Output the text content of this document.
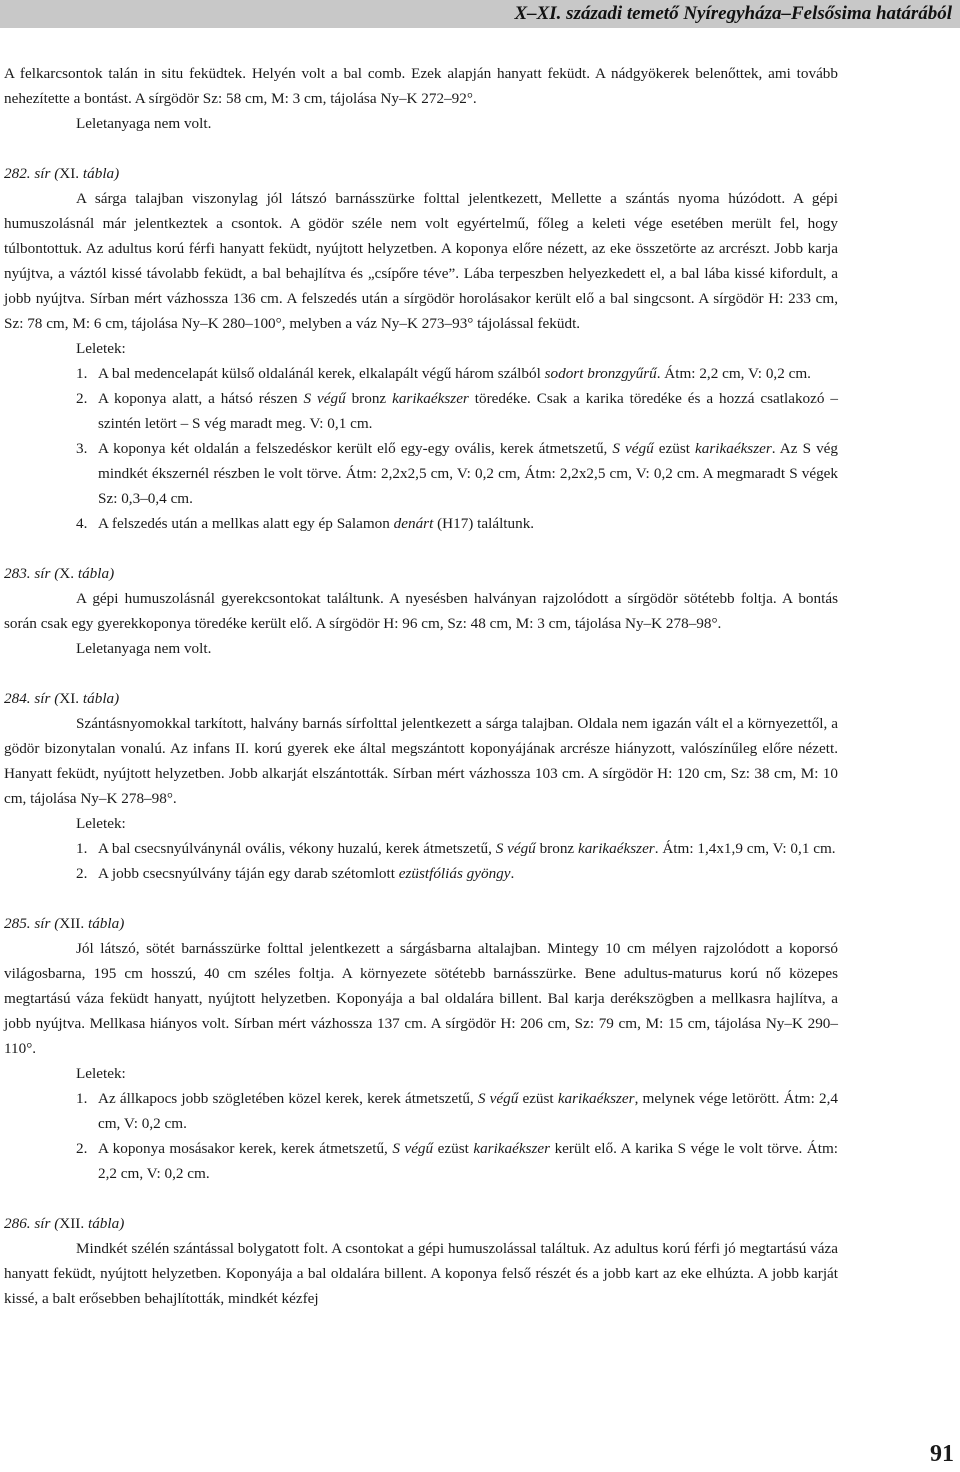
X–XI. századi temető Nyíregyháza–Felsősima határából

A felkarcsontok talán in situ feküdtek. Helyén volt a bal comb. Ezek alapján hanyatt feküdt. A nádgyökerek belenőttek, ami tovább nehezítette a bontást. A sírgödör Sz: 58 cm, M: 3 cm, tájolása Ny–K 272–92°.

Leletanyaga nem volt.

282. sír (XI. tábla)

A sárga talajban viszonylag jól látszó barnásszürke folttal jelentkezett, Mellette a szántás nyoma húzódott. A gépi humuszolásnál már jelentkeztek a csontok. A gödör széle nem volt egyértelmű, főleg a keleti vége esetében merült fel, hogy túlbontottuk. Az adultus korú férfi hanyatt feküdt, nyújtott helyzetben. A koponya előre nézett, az eke összetörte az arcrészt. Jobb karja nyújtva, a váztól kissé távolabb feküdt, a bal behajlítva és „csípőre téve”. Lába terpeszben helyezkedett el, a bal lába kissé kifordult, a jobb nyújtva. Sírban mért vázhossza 136 cm. A felszedés után a sírgödör horolásakor került elő a bal singcsont. A sírgödör H: 233 cm, Sz: 78 cm, M: 6 cm, tájolása Ny–K 280–100°, melyben a váz Ny–K 273–93° tájolással feküdt.

Leletek:

1. A bal medencelapát külső oldalánál kerek, elkalapált végű három szálból sodort bronzgyűrű. Átm: 2,2 cm, V: 0,2 cm.
2. A koponya alatt, a hátsó részen S végű bronz karikaékszer töredéke. Csak a karika töredéke és a hozzá csatlakozó – szintén letört – S vég maradt meg. V: 0,1 cm.
3. A koponya két oldalán a felszedéskor került elő egy-egy ovális, kerek átmetszetű, S végű ezüst karikaékszer. Az S vég mindkét ékszernél részben le volt törve. Átm: 2,2x2,5 cm, V: 0,2 cm, Átm: 2,2x2,5 cm, V: 0,2 cm. A megmaradt S végek Sz: 0,3–0,4 cm.
4. A felszedés után a mellkas alatt egy ép Salamon denárt (H17) találtunk.

283. sír (X. tábla)

A gépi humuszolásnál gyerekcsontokat találtunk. A nyesésben halványan rajzolódott a sírgödör sötétebb foltja. A bontás során csak egy gyerekkoponya töredéke került elő. A sírgödör H: 96 cm, Sz: 48 cm, M: 3 cm, tájolása Ny–K 278–98°.

Leletanyaga nem volt.

284. sír (XI. tábla)

Szántásnyomokkal tarkított, halvány barnás sírfolttal jelentkezett a sárga talajban. Oldala nem igazán vált el a környezettől, a gödör bizonytalan vonalú. Az infans II. korú gyerek eke által megszántott koponyájának arcrésze hiányzott, valószínűleg előre nézett. Hanyatt feküdt, nyújtott helyzetben. Jobb alkarját elszántották. Sírban mért vázhossza 103 cm. A sírgödör H: 120 cm, Sz: 38 cm, M: 10 cm, tájolása Ny–K 278–98°.

Leletek:

1. A bal csecsnyúlványnál ovális, vékony huzalú, kerek átmetszetű, S végű bronz karikaékszer. Átm: 1,4x1,9 cm, V: 0,1 cm.
2. A jobb csecsnyúlvány táján egy darab szétomlott ezüstfóliás gyöngy.

285. sír (XII. tábla)

Jól látszó, sötét barnásszürke folttal jelentkezett a sárgásbarna altalajban. Mintegy 10 cm mélyen rajzolódott a koporsó világosbarna, 195 cm hosszú, 40 cm széles foltja. A környezete sötétebb barnásszürke. Bene adultus-maturus korú nő közepes megtartású váza feküdt hanyatt, nyújtott helyzetben. Koponyája a bal oldalára billent. Bal karja derékszögben a mellkasra hajlítva, a jobb nyújtva. Mellkasa hiányos volt. Sírban mért vázhossza 137 cm. A sírgödör H: 206 cm, Sz: 79 cm, M: 15 cm, tájolása Ny–K 290–110°.

Leletek:

1. Az állkapocs jobb szögletében közel kerek, kerek átmetszetű, S végű ezüst karikaékszer, melynek vége letörött. Átm: 2,4 cm, V: 0,2 cm.
2. A koponya mosásakor kerek, kerek átmetszetű, S végű ezüst karikaékszer került elő. A karika S vége le volt törve. Átm: 2,2 cm, V: 0,2 cm.

286. sír (XII. tábla)

Mindkét szélén szántással bolygatott folt. A csontokat a gépi humuszolással találtuk. Az adultus korú férfi jó megtartású váza hanyatt feküdt, nyújtott helyzetben. Koponyája a bal oldalára billent. A koponya felső részét és a jobb kart az eke elhúzta. A jobb karját kissé, a balt erősebben behajlították, mindkét kézfej

91
